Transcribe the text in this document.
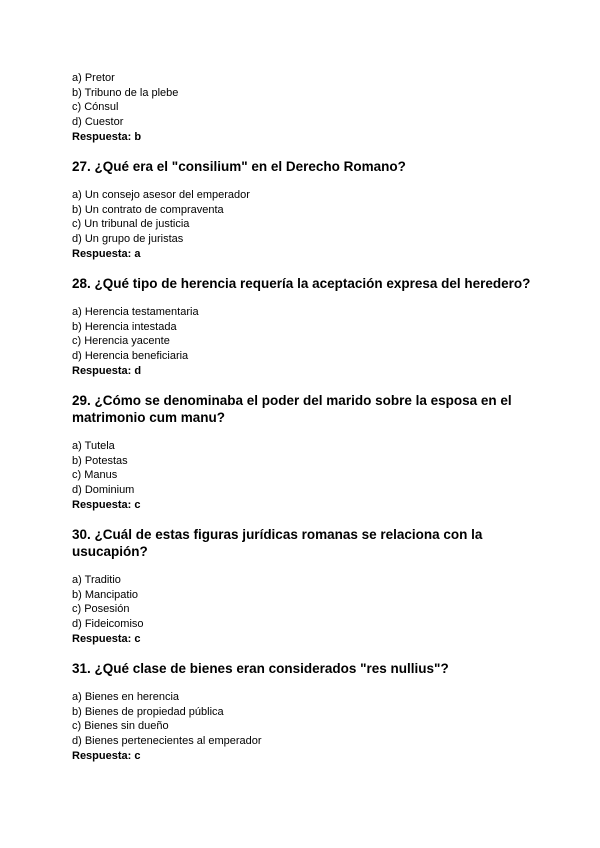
a) Pretor
b) Tribuno de la plebe
c) Cónsul
d) Cuestor
Respuesta: b
27. ¿Qué era el "consilium" en el Derecho Romano?
a) Un consejo asesor del emperador
b) Un contrato de compraventa
c) Un tribunal de justicia
d) Un grupo de juristas
Respuesta: a
28. ¿Qué tipo de herencia requería la aceptación expresa del heredero?
a) Herencia testamentaria
b) Herencia intestada
c) Herencia yacente
d) Herencia beneficiaria
Respuesta: d
29. ¿Cómo se denominaba el poder del marido sobre la esposa en el
matrimonio cum manu?
a) Tutela
b) Potestas
c) Manus
d) Dominium
Respuesta: c
30. ¿Cuál de estas figuras jurídicas romanas se relaciona con la
usucapión?
a) Traditio
b) Mancipatio
c) Posesión
d) Fideicomiso
Respuesta: c
31. ¿Qué clase de bienes eran considerados "res nullius"?
a) Bienes en herencia
b) Bienes de propiedad pública
c) Bienes sin dueño
d) Bienes pertenecientes al emperador
Respuesta: c
